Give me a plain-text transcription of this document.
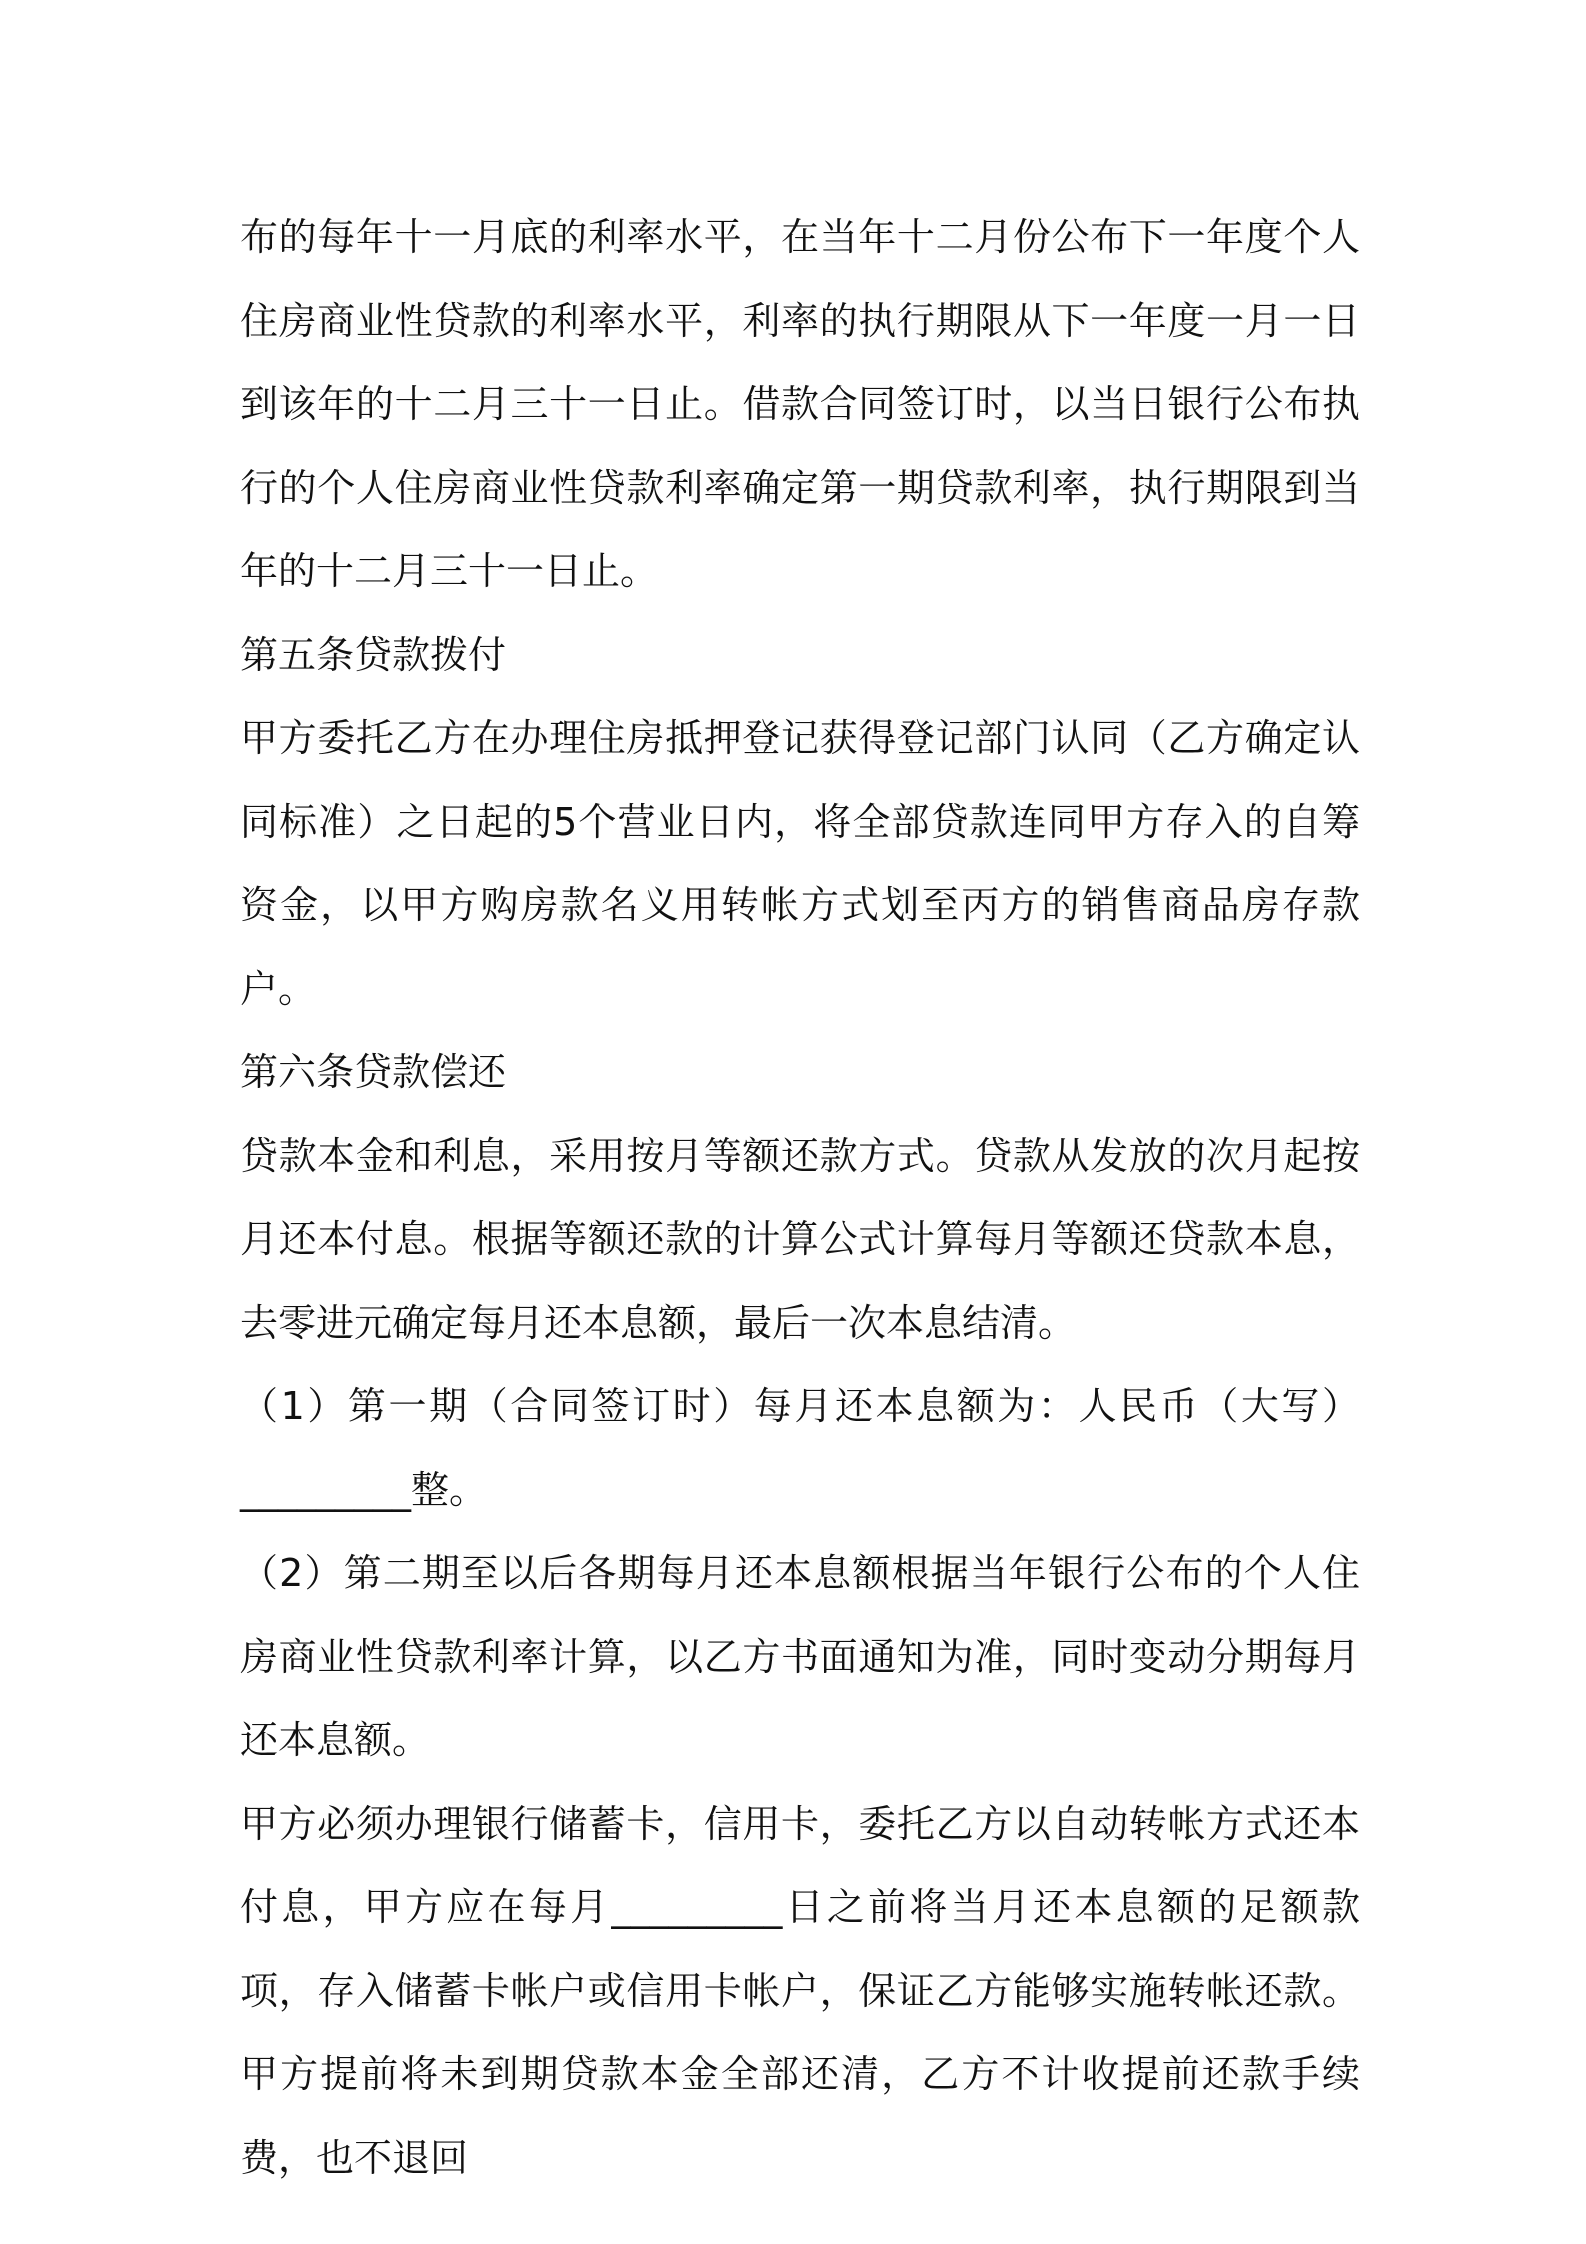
布的每年十一月底的利率水平，在当年十二月份公布下一年度个人住房商业性贷款的利率水平，利率的执行期限从下一年度一月一日到该年的十二月三十一日止。借款合同签订时，以当日银行公布执行的个人住房商业性贷款利率确定第一期贷款利率，执行期限到当年的十二月三十一日止。

第五条贷款拨付

甲方委托乙方在办理住房抵押登记获得登记部门认同（乙方确定认同标准）之日起的5个营业日内，将全部贷款连同甲方存入的自筹资金，以甲方购房款名义用转帐方式划至丙方的销售商品房存款户。

第六条贷款偿还

贷款本金和利息，采用按月等额还款方式。贷款从发放的次月起按月还本付息。根据等额还款的计算公式计算每月等额还贷款本息，去零进元确定每月还本息额，最后一次本息结清。

（1）第一期（合同签订时）每月还本息额为：人民币（大写）_________整。

（2）第二期至以后各期每月还本息额根据当年银行公布的个人住房商业性贷款利率计算，以乙方书面通知为准，同时变动分期每月还本息额。

甲方必须办理银行储蓄卡，信用卡，委托乙方以自动转帐方式还本付息，甲方应在每月_________日之前将当月还本息额的足额款项，存入储蓄卡帐户或信用卡帐户，保证乙方能够实施转帐还款。甲方提前将未到期贷款本金全部还清，乙方不计收提前还款手续费，也不退回
